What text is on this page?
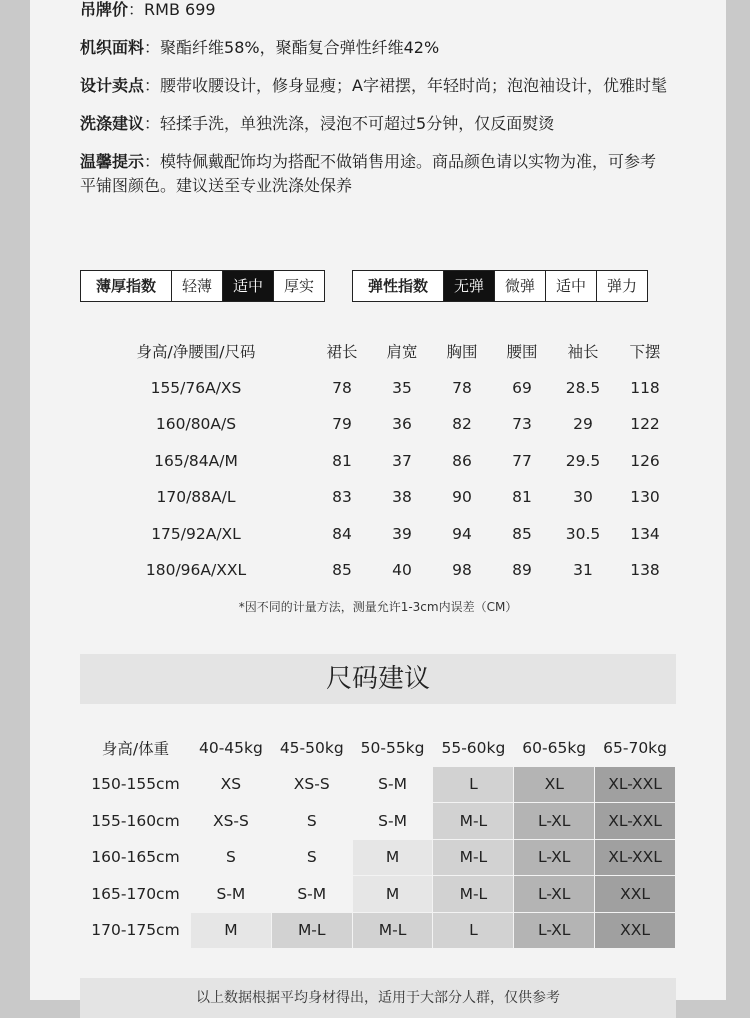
吊牌价：RMB 699
机织面料：聚酯纤维58%，聚酯复合弹性纤维42%
设计卖点：腰带收腰设计，修身显瘦；A字裙摆，年轻时尚；泡泡袖设计，优雅时髦
洗涤建议：轻揉手洗，单独洗涤，浸泡不可超过5分钟，仅反面熨烫
温馨提示：模特佩戴配饰均为搭配不做销售用途。商品颜色请以实物为准，可参考平铺图颜色。建议送至专业洗涤处保养
薄厚指数	轻薄	适中	厚实	弹性指数	无弹	微弹	适中	弹力
身高/净腰围/尺码	裙长	肩宽	胸围	腰围	袖长	下摆
155/76A/XS	78	35	78	69	28.5	118
160/80A/S	79	36	82	73	29	122
165/84A/M	81	37	86	77	29.5	126
170/88A/L	83	38	90	81	30	130
175/92A/XL	84	39	94	85	30.5	134
180/96A/XXL	85	40	98	89	31	138
*因不同的计量方法，测量允许1-3cm内误差（CM）
尺码建议
身高/体重	40-45kg	45-50kg	50-55kg	55-60kg	60-65kg	65-70kg
150-155cm	XS	XS-S	S-M	L	XL	XL-XXL
155-160cm	XS-S	S	S-M	M-L	L-XL	XL-XXL
160-165cm	S	S	M	M-L	L-XL	XL-XXL
165-170cm	S-M	S-M	M	M-L	L-XL	XXL
170-175cm	M	M-L	M-L	L	L-XL	XXL
以上数据根据平均身材得出，适用于大部分人群，仅供参考
